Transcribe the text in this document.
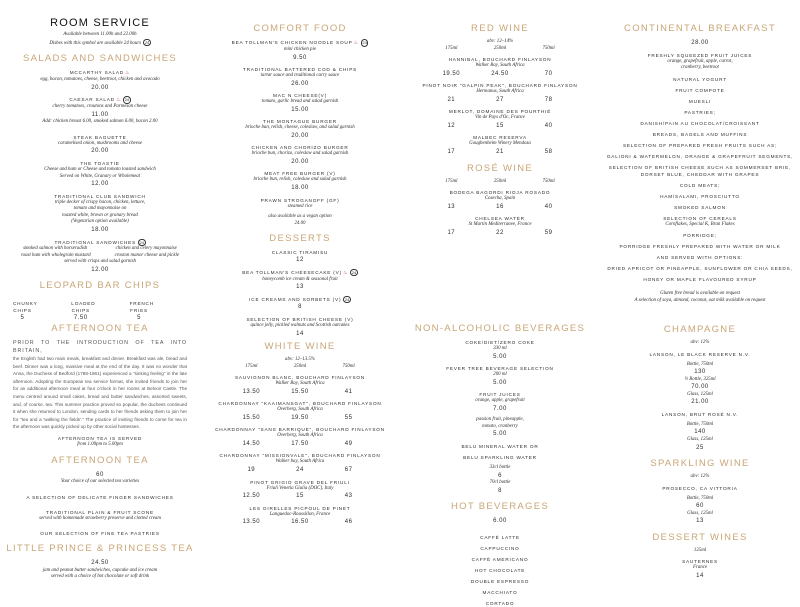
ROOM SERVICE
Available between 11.00h and 22.00h
Dishes with this symbol are available 24 hours 24
SALADS AND SANDWICHES
MCCARTHY SALAD♨
egg, bacon, tomatoes, cheese, beetroot, chicken and avocado
20.00
CAESAR SALAD♨ 24
cherry tomatoes, croutons and Parmesan cheese
11.00
Add: chicken breast 6.00, smoked salmon 6.00, bacon 2.00
STEAK BAGUETTE
caramelised onion, mushrooms and cheese
20.00
THE TOASTIE
Cheese and ham or Cheese and tomato toasted sandwich
Served on White, Granary or Wholemeal
12.00
TRADITIONAL CLUB SANDWICH
triple decker of crispy bacon, chicken, lettuce,
tomato and mayonnaise on
toasted white, brown or granary bread
(Vegetarian option available)
18.00
TRADITIONAL SANDWICHES 24
smoked salmon with horseradish	chicken and celery mayonnaise
roast ham with wholegrain mustard	croxton manor cheese and pickle
served with crisps and salad garnish
12.00
LEOPARD BAR CHIPS
CHUNKY CHIPS
5
LOADED CHIPS
7.50
FRENCH FRIES
5
COMFORT FOOD
BEA TOLLMAN'S CHICKEN NOODLE SOUP♨ 24
mini chicken pie
9.50
TRADITIONAL BATTERED COD & CHIPS
tartar sauce and traditional curry sauce
26.00
MAC N CHEESE(V)
tomato, garlic bread and salad garnish
15.00
THE MONTAGUE BURGER
brioche bun, relish, cheese, coleslaw, and salad garnish
20.00
CHICKEN AND CHORIZO BURGER
brioche bun, chorizo, coleslaw and salad garnish
20.00
MEAT FREE BURGER (V)
brioche bun, relish, coleslaw and salad garnish
18.00
PRAWN STROGANOFF (GF)
steamed rice
also available as a vegan option
24.00
DESSERTS
CLASSIC TIRAMISU
12
BEA TOLLMAN'S CHEESECAKE (V)♨ 24
honeycomb ice cream & seasonal fruit
13
ICE CREAMS AND SORBETS (V) 24
8
SELECTION OF BRITISH CHEESE (V)
quince jelly, pickled walnuts and Scottish oatcakes
14
RED WINE
abv: 12–14%
175ml	250ml	750ml
HANNIBAL, BOUCHARD FINLAYSON
Walker Bay, South Africa
19.50	24.50	70
PINOT NOIR "GALPIN PEAK", BOUCHARD FINLAYSON
Hermanus, South Africa
21	27	78
MERLOT, DOMAINE DES POURTHIÉ
Vin de Pays d'Oc, France
12	15	40
MALBEC RESERVA
Goughenheim Winery Mendoza
17	21	58
ROSÉ WINE
175ml	250ml	750ml
BODEGA BAGORDI RIOJA ROSADO
Cosecha, Spain
13	16	40
CHELSEA WATER
St Martin Mediterranee, France
17	22	59
CONTINENTAL BREAKFAST
28.00
FRESHLY SQUEEZED FRUIT JUICES
orange, grapefruit, apple, carrot,
cranberry, beetroot
NATURAL YOGURT
FRUIT COMPOTE
MUESLI
PASTRIES;
DANISH/PAIN AU CHOCOLAT/CROISSANT
BREADS, BAGELS AND MUFFINS
SELECTION OF PREPARED FRESH FRUITS SUCH AS;
GALIONI & WATERMELON, ORANGE & GRAPEFRUIT SEGMENTS,
SELECTION OF BRITISH CHEESE SUCH AS SOMMERSET BRIE, DORSET BLUE, CHEDDAR WITH GRAPES
COLD MEATS;
HAM/SALAMI, PROSCIUTTO
SMOKED SALMON
SELECTION OF CEREALS
Cornflakes, Special K, Bran Flakes
PORRIDGE;
PORRIDGE FRESHLY PREPARED WITH WATER OR MILK
AND SERVED WITH OPTIONS:
DRIED APRICOT OR PINEAPPLE, SUNFLOWER OR CHIA SEEDS,
HONEY OR MAPLE FLAVOURED SYRUP
Gluten free bread is available on request
A selection of soya, almond, coconut, oat milk available on request
AFTERNOON TEA
PRIOR TO THE INTRODUCTION OF TEA INTO BRITAIN,
the English had two main meals, breakfast and dinner. Breakfast was ale, bread and beef. Dinner was a long, massive meal at the end of the day. It was no wonder that Anna, the Duchess of Bedford (1788-1861) experienced a "sinking feeling" in the late afternoon. Adopting the European tea service format, she invited friends to join her for an additional afternoon meal at four o'clock in her rooms at Belvoir Castle. The menu centred around small cakes, bread and butter sandwiches, assorted sweets, and, of course, tea. This summer practice proved so popular, the duchess continued it when she returned to London, sending cards to her friends asking them to join her for "tea and a 'walking the fields'." The practice of inviting friends to come for tea in the afternoon was quickly picked up by other social hostesses.
AFTERNOON TEA IS SERVED
from 1.00pm to 5.00pm
AFTERNOON TEA
60
Your choice of our selected tea varieties
A SELECTION OF DELICATE FINGER SANDWICHES
TRADITIONAL PLAIN & FRUIT SCONE
served with homemade strawberry preserve and clotted cream
OUR SELECTION OF FINE TEA PASTRIES
LITTLE PRINCE & PRINCESS TEA
24.50
jam and peanut butter sandwiches, cupcake and ice cream
served with a choice of hot chocolate or soft drink
WHITE WINE
abv: 12–13.5%
175ml	250ml	750ml
SAUVIGNON BLANC, BOUCHARD FINLAYSON
Walker Bay, South Africa
13.50	15.50	41
CHARDONNAY "KAAIMANSGAT", BOUCHARD FINLAYSON
Overberg, South Africa
15.50	19.50	55
CHARDONNAY "SANS BARRIQUE", BOUCHARD FINLAYSON
Overberg, South Africa
14.50	17.50	49
CHARDONNAY "MISSIONVALE", BOUCHARD FINLAYSON
Walker bay, South Africa
19	24	67
PINOT GRIGIO GRAVE DEL FRIULI
Friuli Venetia Giulia (DOC), Italy
12.50	15	43
LES GIRELLES PICPOUL DE PINET
Languedoc-Roussillon, France
13.50	16.50	46
NON-ALCOHOLIC BEVERAGES
COKE/DIET/ZERO COKE
330 ml
5.00
FEVER TREE BEVERAGE SELECTION
200 ml
5.00
FRUIT JUICES
orange, apple, grapefruit
7.00
passion fruit, pineapple,
tomato, cranberry
5.00
BELU MINERAL WATER OR
BELU SPARKLING WATER
33cl bottle
6
70cl bottle
8
HOT BEVERAGES
6.00
CAFFÉ LATTE
CAPPUCCINO
CAFFÉ AMERICANO
HOT CHOCOLATE
DOUBLE ESPRESSO
MACCHIATO
CORTADO
CHAMPAGNE
abv: 12%
LANSON, LE BLACK RESERVE N.V.
Bottle, 750ml
130
½ Bottle, 325ml
70.00
Glass, 125ml
21.00
LANSON, BRUT ROSÉ N.V.
Bottle, 750ml
140
Glass, 125ml
25
SPARKLING WINE
abv: 12%
PROSECCO, CA VITTORIA
Bottle, 750ml
60
Glass, 125ml
13
DESSERT WINES
125ml
SAUTERNES
France
14
